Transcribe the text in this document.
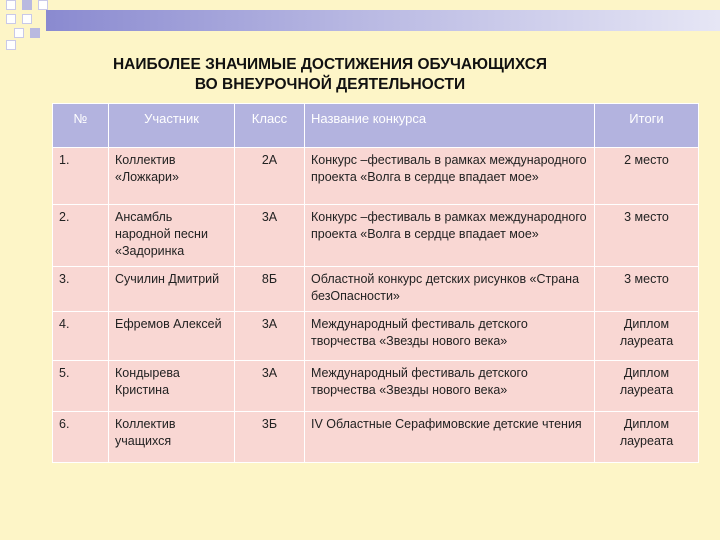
НАИБОЛЕЕ ЗНАЧИМЫЕ ДОСТИЖЕНИЯ ОБУЧАЮЩИХСЯ
ВО ВНЕУРОЧНОЙ ДЕЯТЕЛЬНОСТИ
№	Участник	Класс	Название конкурса	Итоги
1.	Коллектив «Ложкари»	2А	Конкурс –фестиваль в рамках международного проекта «Волга в сердце впадает мое»	2 место
2.	Ансамбль народной песни «Задоринка	3А	Конкурс –фестиваль в рамках международного проекта «Волга в сердце впадает мое»	3 место
3.	Сучилин Дмитрий	8Б	Областной конкурс детских рисунков «Страна безОпасности»	3 место
4.	Ефремов Алексей	3А	Международный фестиваль детского творчества «Звезды нового века»	Диплом лауреата
5.	Кондырева Кристина	3А	Международный фестиваль детского творчества «Звезды нового века»	Диплом лауреата
6.	Коллектив учащихся	3Б	IV Областные Серафимовские детские чтения	Диплом лауреата
